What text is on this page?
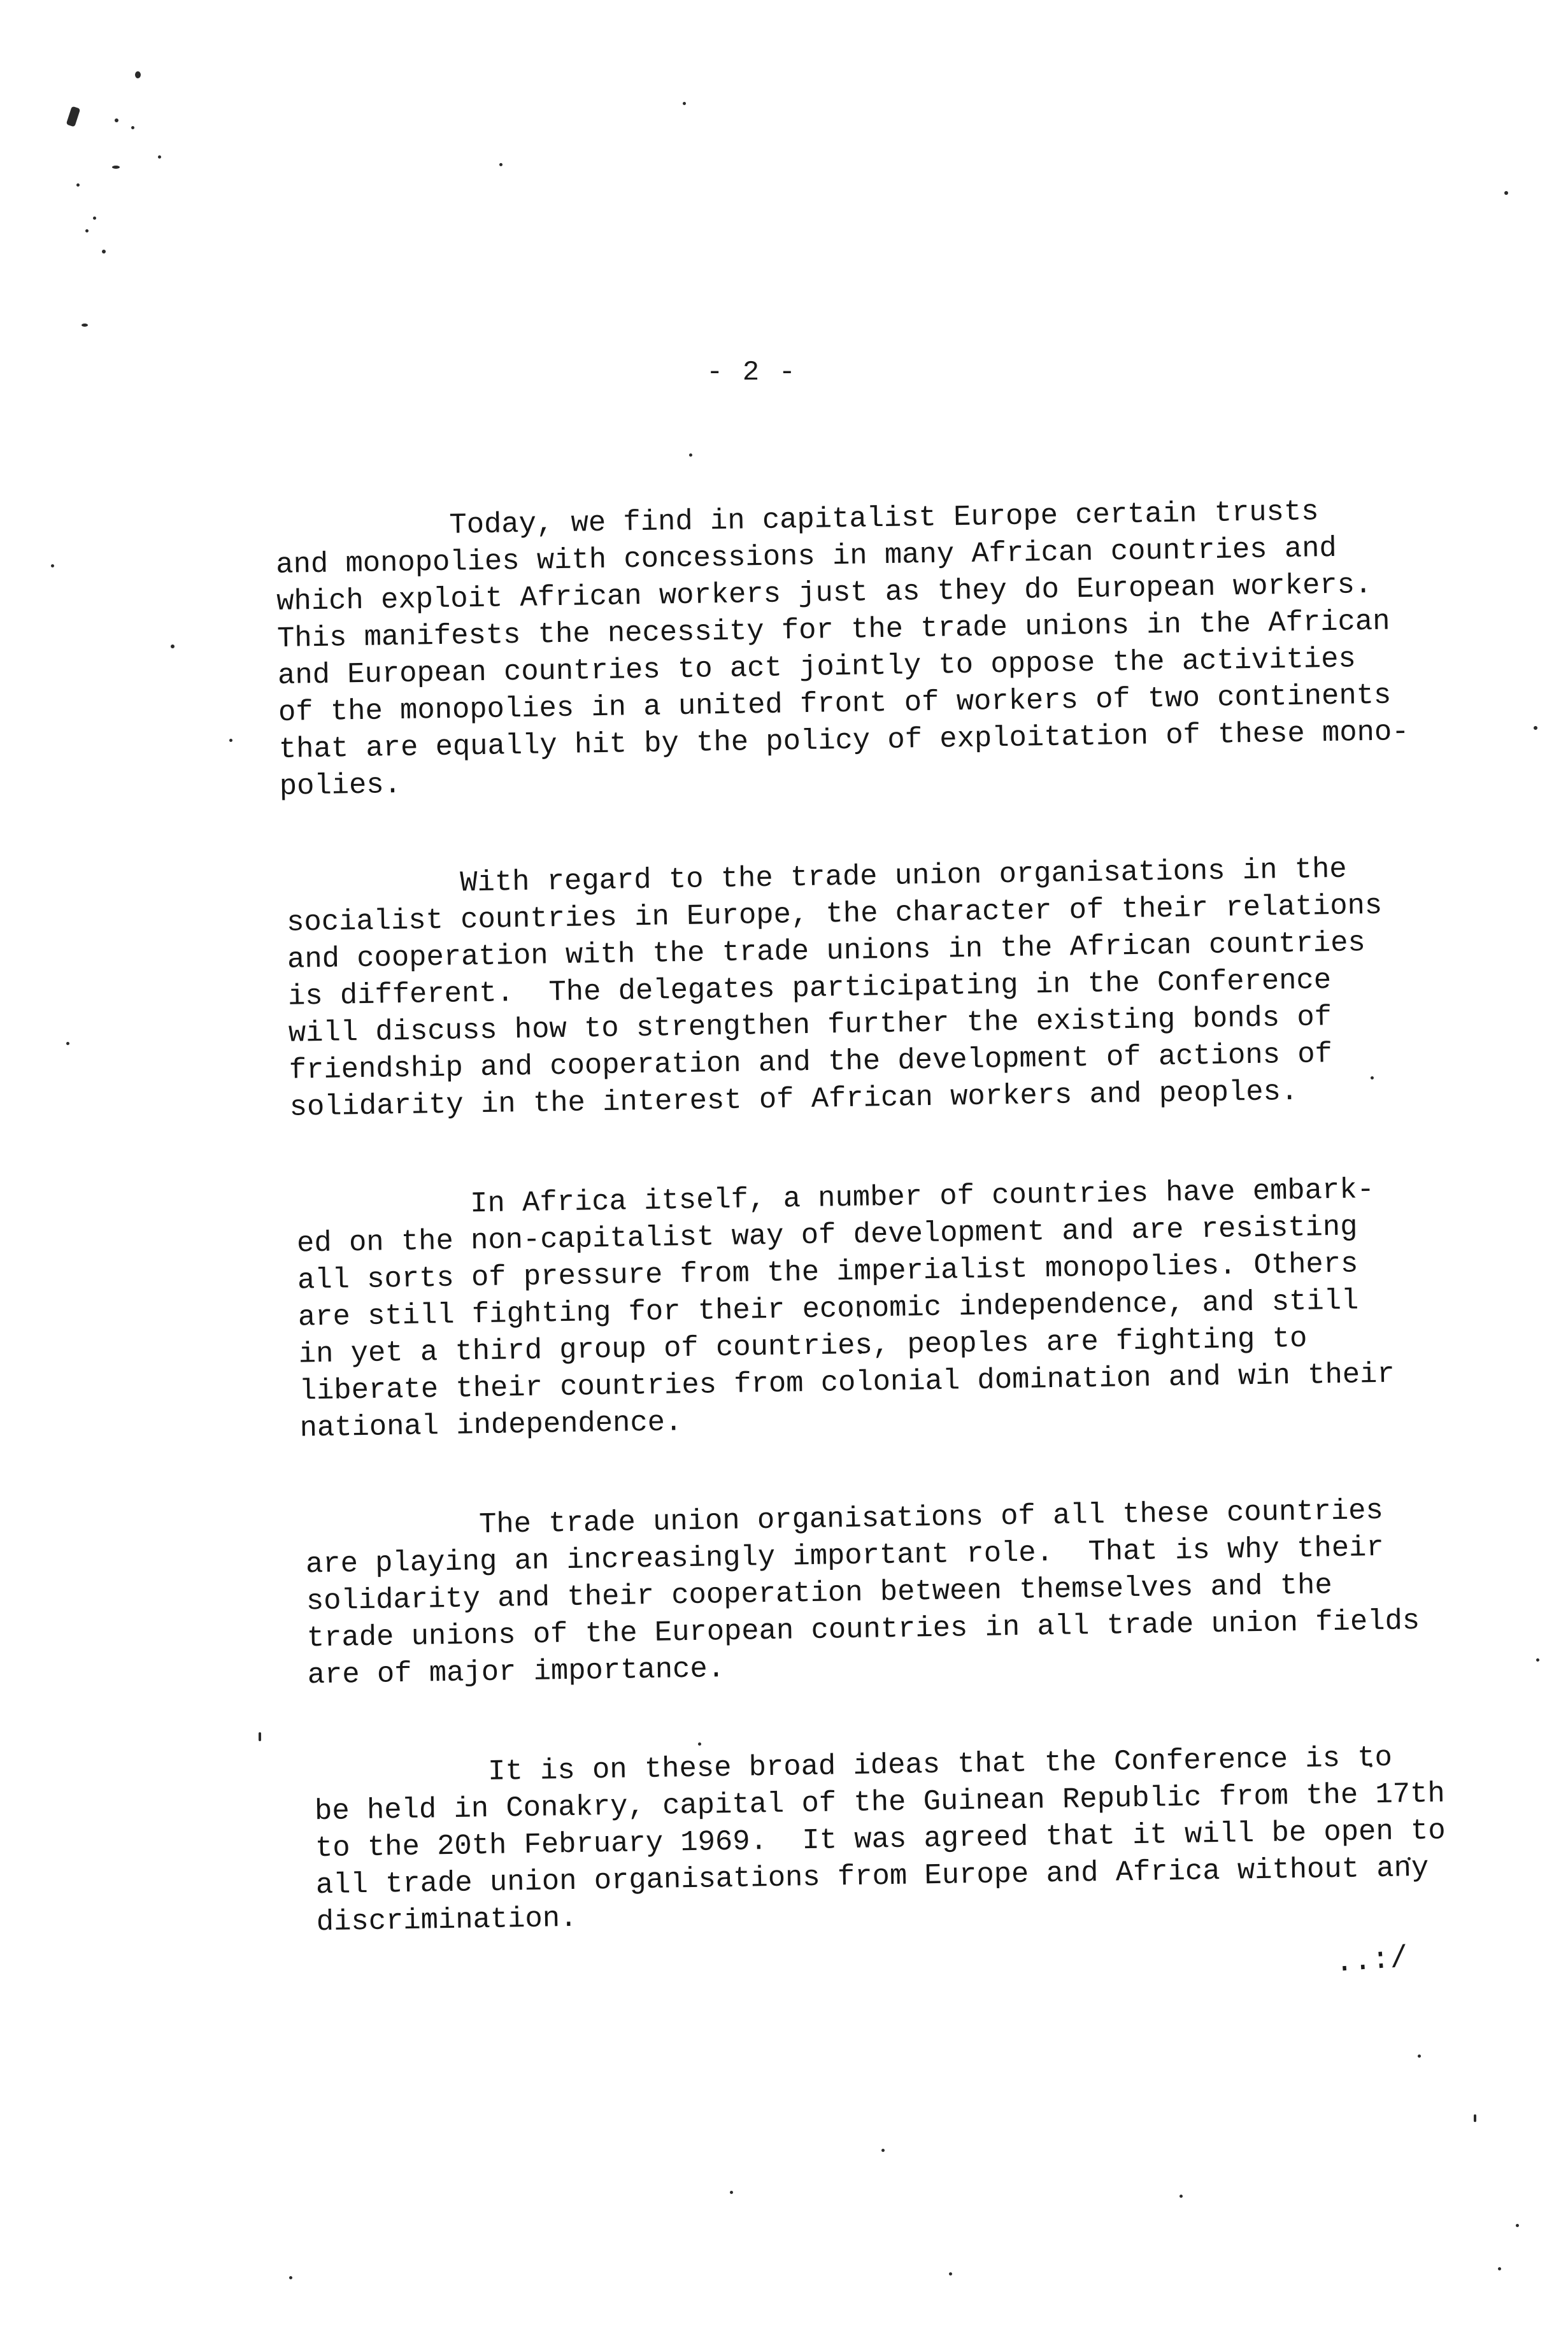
- 2 -

Today, we find in capitalist Europe certain trusts
and monopolies with concessions in many African countries and
which exploit African workers just as they do European workers.
This manifests the necessity for the trade unions in the African
and European countries to act jointly to oppose the activities
of the monopolies in a united front of workers of two continents
that are equally hit by the policy of exploitation of these mono-
polies.

With regard to the trade union organisations in the
socialist countries in Europe, the character of their relations
and cooperation with the trade unions in the African countries
is different.  The delegates participating in the Conference
will discuss how to strengthen further the existing bonds of
friendship and cooperation and the development of actions of
solidarity in the interest of African workers and peoples.

In Africa itself, a number of countries have embark-
ed on the non-capitalist way of development and are resisting
all sorts of pressure from the imperialist monopolies. Others
are still fighting for their economic independence, and still
in yet a third group of countries, peoples are fighting to
liberate their countries from colonial domination and win their
national independence.

The trade union organisations of all these countries
are playing an increasingly important role.  That is why their
solidarity and their cooperation between themselves and the
trade unions of the European countries in all trade union fields
are of major importance.

It is on these broad ideas that the Conference is to
be held in Conakry, capital of the Guinean Republic from the 17th
to the 20th February 1969.  It was agreed that it will be open to
all trade union organisations from Europe and Africa without any
discrimination.

..:/
